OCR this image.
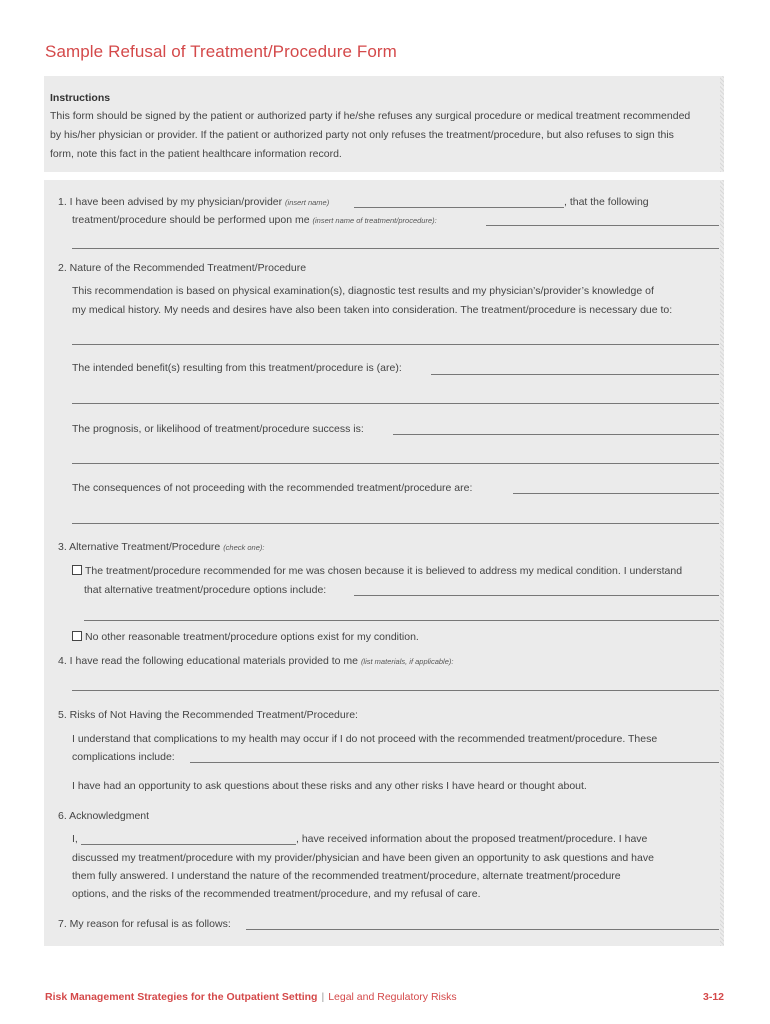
Sample Refusal of Treatment/Procedure Form
Instructions

This form should be signed by the patient or authorized party if he/she refuses any surgical procedure or medical treatment recommended
by his/her physician or provider. If the patient or authorized party not only refuses the treatment/procedure, but also refuses to sign this
form, note this fact in the patient healthcare information record.

1. I have been advised by my physician/provider (insert name)	, that the following
treatment/procedure should be performed upon me (insert name of treatment/procedure):
2. Nature of the Recommended Treatment/Procedure
This recommendation is based on physical examination(s), diagnostic test results and my physician’s/provider’s knowledge of
my medical history. My needs and desires have also been taken into consideration. The treatment/procedure is necessary due to:
The intended benefit(s) resulting from this treatment/procedure is (are):
The prognosis, or likelihood of treatment/procedure success is:
The consequences of not proceeding with the recommended treatment/procedure are:
3. Alternative Treatment/Procedure (check one):
The treatment/procedure recommended for me was chosen because it is believed to address my medical condition. I understand
that alternative treatment/procedure options include:
No other reasonable treatment/procedure options exist for my condition.
4. I have read the following educational materials provided to me (list materials, if applicable):
5. Risks of Not Having the Recommended Treatment/Procedure:
I understand that complications to my health may occur if I do not proceed with the recommended treatment/procedure. These
complications include:
I have had an opportunity to ask questions about these risks and any other risks I have heard or thought about.
6. Acknowledgment
I,	, have received information about the proposed treatment/procedure. I have
discussed my treatment/procedure with my provider/physician and have been given an opportunity to ask questions and have
them fully answered. I understand the nature of the recommended treatment/procedure, alternate treatment/procedure
options, and the risks of the recommended treatment/procedure, and my refusal of care.
7. My reason for refusal is as follows:
Risk Management Strategies for the Outpatient Setting | Legal and Regulatory Risks	3-12
